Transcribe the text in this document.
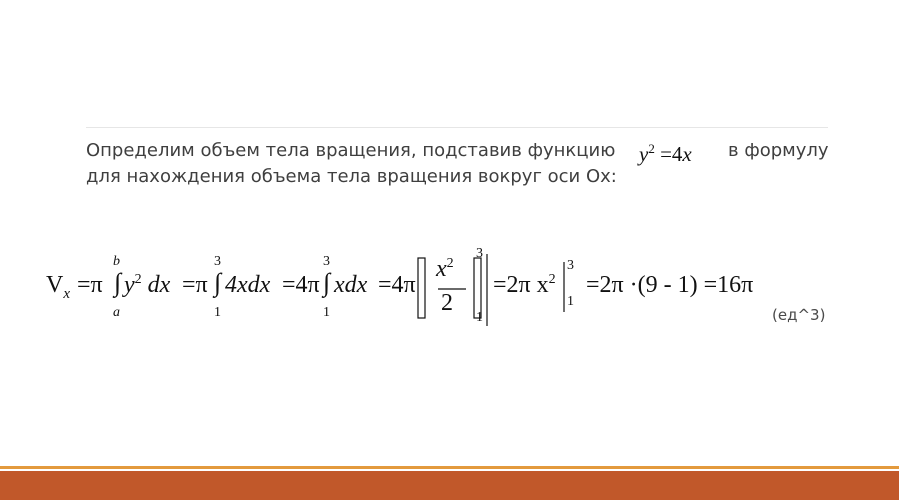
Определим объем тела вращения, подставив функцию $y^2 =4x$ в формулу
для нахождения объема тела вращения вокруг оси Ox:
$V_x =\pi$
b
∫
a
$y^2$ dx =π
3
∫
1
4xdx =4π
3
∫
1
xdx =4π
$x^2$
2
3
1
=2π $x^2$
3
1
=2π ·(9 - 1) =16π
(ед^3)
